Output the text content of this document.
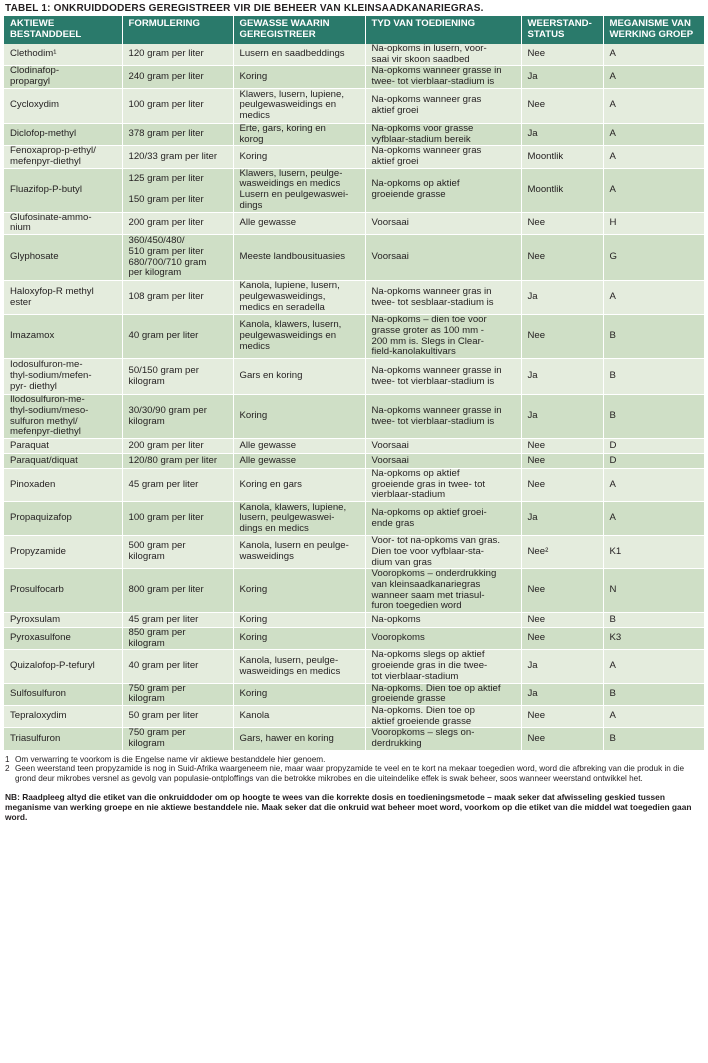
TABEL 1: ONKRUIDDODERS GEREGISTREER VIR DIE BEHEER VAN KLEINSAADKANARIEGRAS.
AKTIEWE
BESTANDDEEL	FORMULERING	GEWASSE WAARIN
GEREGISTREER	TYD VAN TOEDIENING	WEERSTAND-
STATUS	MEGANISME VAN
WERKING GROEP

Clethodim¹	120 gram per liter	Lusern en saadbeddings	Na-opkoms in lusern, voor-
saai vir skoon saadbed	Nee	A

Clodinafop-
propargyl	240 gram per liter	Koring	Na-opkoms wanneer grasse in
twee- tot vierblaar-stadium is	Ja	A

Cycloxydim	100 gram per liter	Klawers, lusern, lupiene,
peulgewasweidings en
medics	Na-opkoms wanneer gras
aktief groei	Nee	A

Diclofop-methyl	378 gram per liter	Erte, gars, koring en
korog	Na-opkoms voor grasse
vyfblaar-stadium bereik	Ja	A

Fenoxaprop-p-ethyl/
mefenpyr-diethyl	120/33 gram per liter	Koring	Na-opkoms wanneer gras
aktief groei	Moontlik	A

Fluazifop-P-butyl	125 gram per liter

150 gram per liter	Klawers, lusern, peulge-
wasweidings en medics
Lusern en peulgewaswei-
dings	Na-opkoms op aktief
groeiende grasse	Moontlik	A

Glufosinate-ammo-
nium	200 gram per liter	Alle gewasse	Voorsaai	Nee	H

Glyphosate	360/450/480/
510 gram per liter
680/700/710 gram
per kilogram	Meeste landbousituasies	Voorsaai	Nee	G

Haloxyfop-R methyl
ester	108 gram per liter	Kanola, lupiene, lusern,
peulgewasweidings,
medics en seradella	Na-opkoms wanneer gras in
twee- tot sesblaar-stadium is	Ja	A

Imazamox	40 gram per liter	Kanola, klawers, lusern,
peulgewasweidings en
medics	Na-opkoms – dien toe voor
grasse groter as 100 mm -
200 mm is. Slegs in Clear-
field-kanolakultivars	Nee	B

Iodosulfuron-me-
thyl-sodium/mefen-
pyr- diethyl	50/150 gram per
kilogram	Gars en koring	Na-opkoms wanneer grasse in
twee- tot vierblaar-stadium is	Ja	B

Ilodosulfuron-me-
thyl-sodium/meso-
sulfuron methyl/
mefenpyr-diethyl	30/30/90 gram per
kilogram	Koring	Na-opkoms wanneer grasse in
twee- tot vierblaar-stadium is	Ja	B

Paraquat	200 gram per liter	Alle gewasse	Voorsaai	Nee	D

Paraquat/diquat	120/80 gram per liter	Alle gewasse	Voorsaai	Nee	D

Pinoxaden	45 gram per liter	Koring en gars	Na-opkoms op aktief
groeiende gras in twee- tot
vierblaar-stadium	Nee	A

Propaquizafop	100 gram per liter	Kanola, klawers, lupiene,
lusern, peulgewaswei-
dings en medics	Na-opkoms op aktief groei-
ende gras	Ja	A

Propyzamide	500 gram per
kilogram	Kanola, lusern en peulge-
wasweidings	Voor- tot na-opkoms van gras.
Dien toe voor vyfblaar-sta-
dium van gras	Nee²	K1

Prosulfocarb	800 gram per liter	Koring	Vooropkoms – onderdrukking
van kleinsaadkanariegras
wanneer saam met triasul-
furon toegedien word	Nee	N

Pyroxsulam	45 gram per liter	Koring	Na-opkoms	Nee	B

Pyroxasulfone	850 gram per
kilogram	Koring	Vooropkoms	Nee	K3

Quizalofop-P-tefuryl	40 gram per liter	Kanola, lusern, peulge-
wasweidings en medics	Na-opkoms slegs op aktief
groeiende gras in die twee-
tot vierblaar-stadium	Ja	A

Sulfosulfuron	750 gram per
kilogram	Koring	Na-opkoms. Dien toe op aktief
groeiende grasse	Ja	B

Tepraloxydim	50 gram per liter	Kanola	Na-opkoms. Dien toe op
aktief groeiende grasse	Nee	A

Triasulfuron	750 gram per
kilogram	Gars, hawer en koring	Vooropkoms – slegs on-
derdrukking	Nee	B
1 Om verwarring te voorkom is die Engelse name vir aktiewe bestanddele hier genoem.
2 Geen weerstand teen propyzamide is nog in Suid-Afrika waargeneem nie, maar waar propyzamide te veel en te kort na mekaar toegedien word, word die afbreking van die produk in die grond deur mikrobes versnel as gevolg van populasie-ontploffings van die betrokke mikrobes en die uiteindelike effek is swak beheer, soos wanneer weerstand ontwikkel het.
NB: Raadpleeg altyd die etiket van die onkruiddoder om op hoogte te wees van die korrekte dosis en toedieningsmetode – maak seker dat afwisseling geskied tussen meganisme van werking groepe en nie aktiewe bestanddele nie. Maak seker dat die onkruid wat beheer moet word, voorkom op die etiket van die middel wat toegedien gaan word.
